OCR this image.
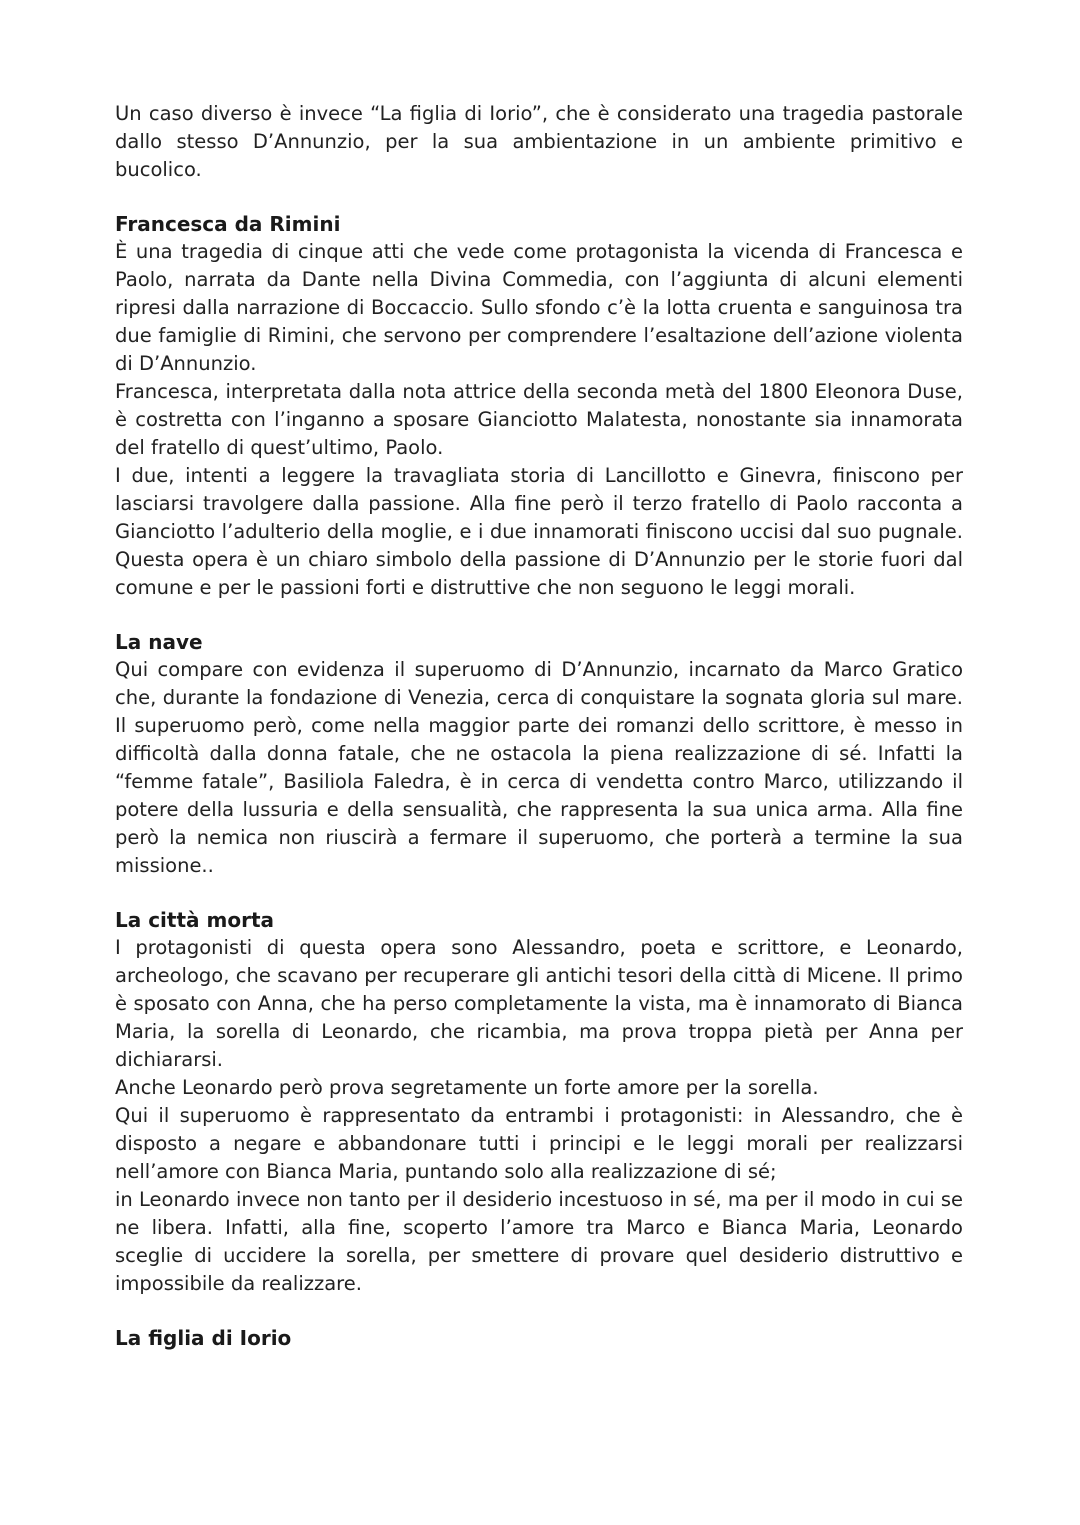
Un caso diverso è invece “La figlia di Iorio”, che è considerato una tragedia pastorale dallo stesso D’Annunzio, per la sua ambientazione in un ambiente primitivo e bucolico.

Francesca da Rimini

È una tragedia di cinque atti che vede come protagonista la vicenda di Francesca e Paolo, narrata da Dante nella Divina Commedia, con l’aggiunta di alcuni elementi ripresi dalla narrazione di Boccaccio. Sullo sfondo c’è la lotta cruenta e sanguinosa tra due famiglie di Rimini, che servono per comprendere l’esaltazione dell’azione violenta di D’Annunzio.

Francesca, interpretata dalla nota attrice della seconda metà del 1800 Eleonora Duse, è costretta con l’inganno a sposare Gianciotto Malatesta, nonostante sia innamorata del fratello di quest’ultimo, Paolo.

I due, intenti a leggere la travagliata storia di Lancillotto e Ginevra, finiscono per lasciarsi travolgere dalla passione. Alla fine però il terzo fratello di Paolo racconta a Gianciotto l’adulterio della moglie, e i due innamorati finiscono uccisi dal suo pugnale. Questa opera è un chiaro simbolo della passione di D’Annunzio per le storie fuori dal comune e per le passioni forti e distruttive che non seguono le leggi morali.

La nave

Qui compare con evidenza il superuomo di D’Annunzio, incarnato da Marco Gratico che, durante la fondazione di Venezia, cerca di conquistare la sognata gloria sul mare. Il superuomo però, come nella maggior parte dei romanzi dello scrittore, è messo in difficoltà dalla donna fatale, che ne ostacola la piena realizzazione di sé. Infatti la “femme fatale”, Basiliola Faledra, è in cerca di vendetta contro Marco, utilizzando il potere della lussuria e della sensualità, che rappresenta la sua unica arma. Alla fine però la nemica non riuscirà a fermare il superuomo, che porterà a termine la sua missione..

La città morta

I protagonisti di questa opera sono Alessandro, poeta e scrittore, e Leonardo, archeologo, che scavano per recuperare gli antichi tesori della città di Micene. Il primo è sposato con Anna, che ha perso completamente la vista, ma è innamorato di Bianca Maria, la sorella di Leonardo, che ricambia, ma prova troppa pietà per Anna per dichiararsi.

Anche Leonardo però prova segretamente un forte amore per la sorella.

Qui il superuomo è rappresentato da entrambi i protagonisti: in Alessandro, che è disposto a negare e abbandonare tutti i principi e le leggi morali per realizzarsi nell’amore con Bianca Maria, puntando solo alla realizzazione di sé;

in Leonardo invece non tanto per il desiderio incestuoso in sé, ma per il modo in cui se ne libera. Infatti, alla fine, scoperto l’amore tra Marco e Bianca Maria, Leonardo sceglie di uccidere la sorella, per smettere di provare quel desiderio distruttivo e impossibile da realizzare.

La figlia di Iorio
